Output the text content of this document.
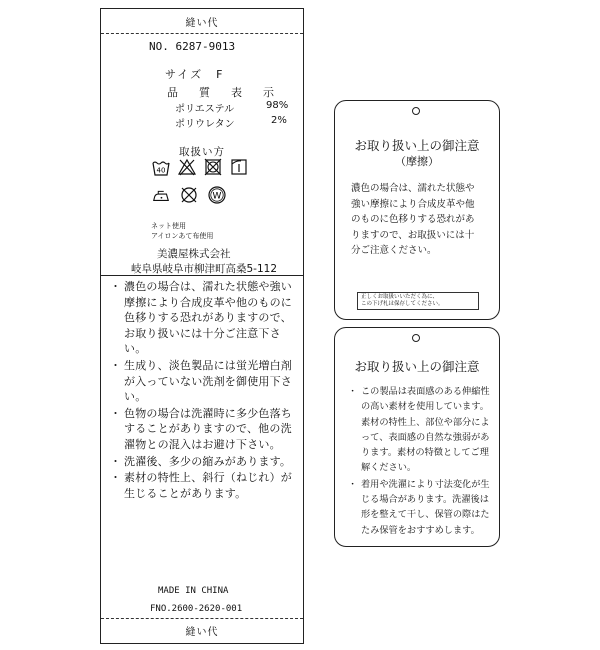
縫い代
NO. 6287-9013
サイズ　F
品　質　表　示
ポリエステル	98%
ポリウレタン	2%
取扱い方
40
W
ネット使用
アイロンあて布使用
美濃屋株式会社
岐阜県岐阜市柳津町高桑5-112
・ 濃色の場合は、濡れた状態や強い摩擦により合成皮革や他のものに色移りする恐れがありますので、お取り扱いには十分ご注意下さい。
・ 生成り、淡色製品には蛍光増白剤が入っていない洗剤を御使用下さい。
・ 色物の場合は洗濯時に多少色落ちすることがありますので、他の洗濯物との混入はお避け下さい。
・ 洗濯後、多少の縮みがあります。
・ 素材の特性上、斜行（ねじれ）が生じることがあります。
MADE IN CHINA
FNO.2600-2620-001
縫い代
お取り扱い上の御注意
（摩擦）
濃色の場合は、濡れた状態や
強い摩擦により合成皮革や他
のものに色移りする恐れがあ
りますので、お取扱いには十
分ご注意ください。
正しくお取扱いいただく為に、
この下げ札は保存してください。
お取り扱い上の御注意
・ この製品は表面感のある伸縮性の高い素材を使用しています。素材の特性上、部位や部分によって、表面感の自然な強弱があります。素材の特徴としてご理解ください。
・ 着用や洗濯により寸法変化が生じる場合があります。洗濯後は形を整えて干し、保管の際はたたみ保管をおすすめします。
